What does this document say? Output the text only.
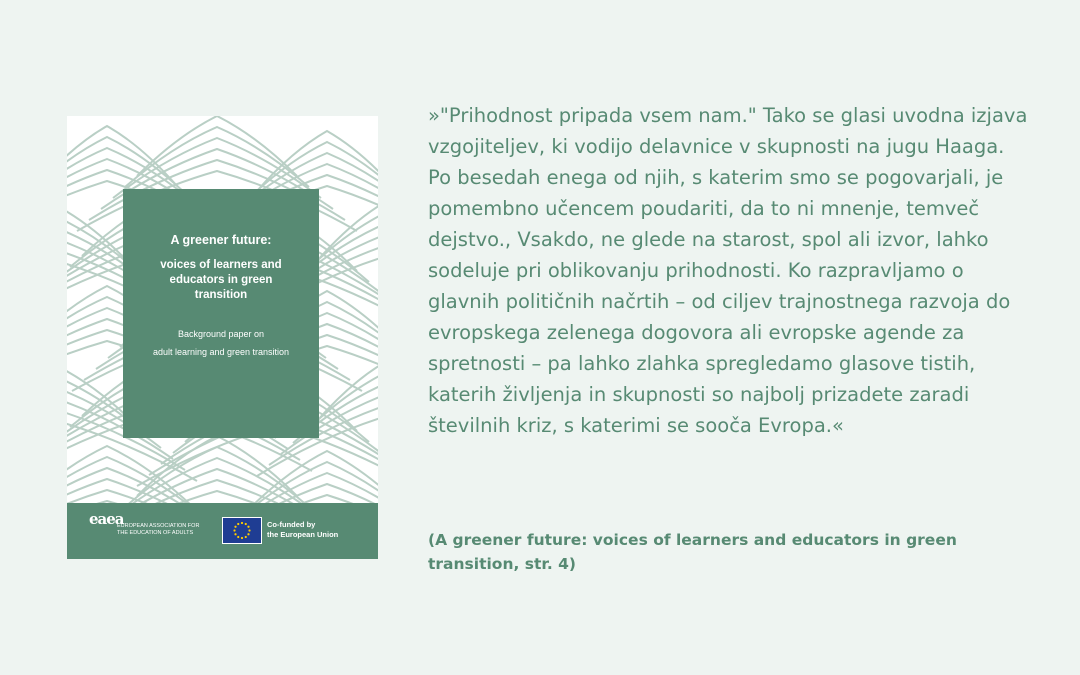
A greener future:
voices of learners and educators in green transition
Background paper on
adult learning and green transition
eaea
EUROPEAN ASSOCIATION FOR
THE EDUCATION OF ADULTS
Co-funded by
the European Union

»"Prihodnost pripada vsem nam." Tako se glasi uvodna izjava vzgojiteljev, ki vodijo delavnice v skupnosti na jugu Haaga. Po besedah enega od njih, s katerim smo se pogovarjali, je pomembno učencem poudariti, da to ni mnenje, temveč dejstvo., Vsakdo, ne glede na starost, spol ali izvor, lahko sodeluje pri oblikovanju prihodnosti. Ko razpravljamo o glavnih političnih načrtih – od ciljev trajnostnega razvoja do evropskega zelenega dogovora ali evropske agende za spretnosti – pa lahko zlahka spregledamo glasove tistih, katerih življenja in skupnosti so najbolj prizadete zaradi številnih kriz, s katerimi se sooča Evropa.«

(A greener future: voices of learners and educators in green transition, str. 4)
